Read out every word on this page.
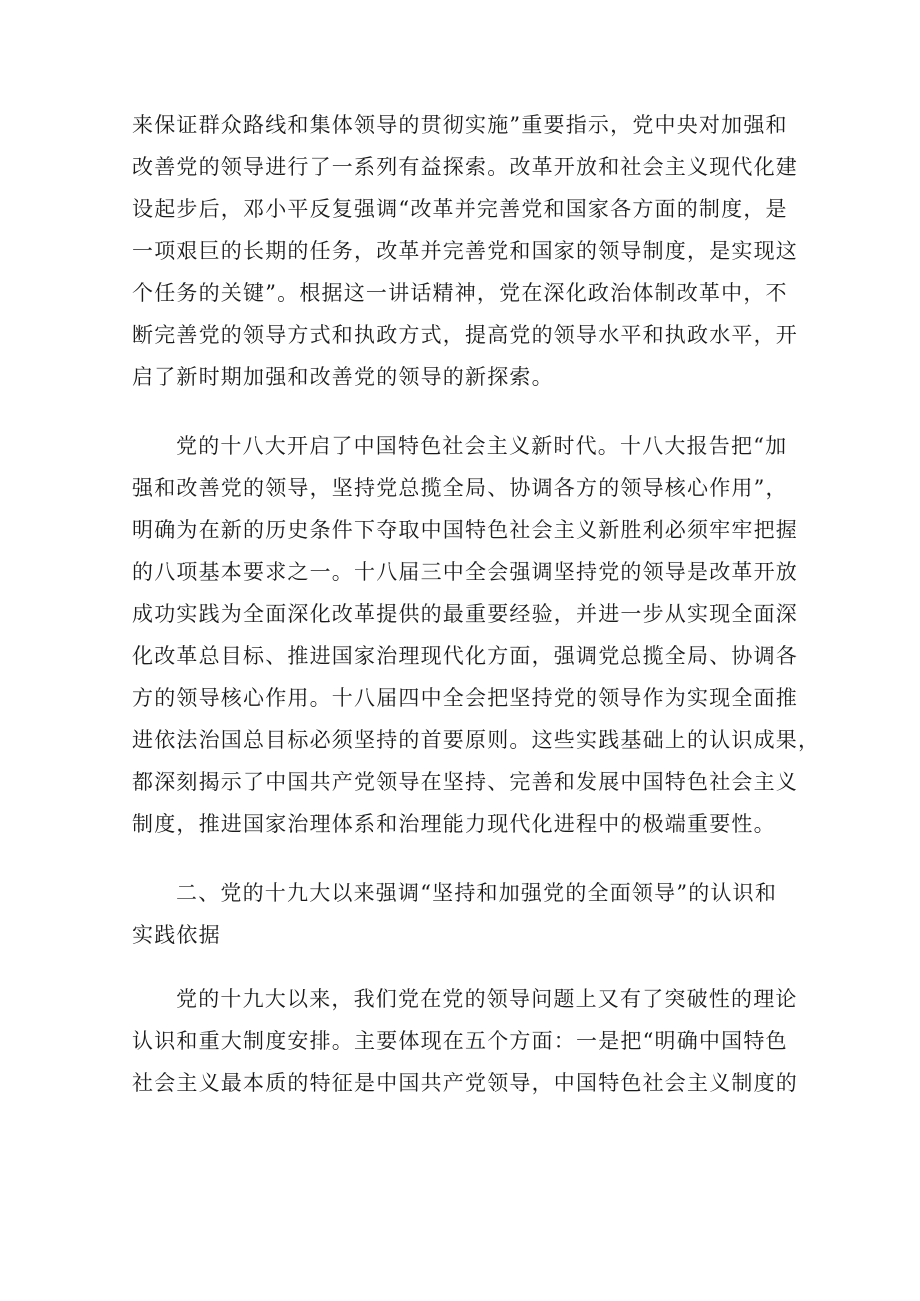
来保证群众路线和集体领导的贯彻实施”重要指示，党中央对加强和
改善党的领导进行了一系列有益探索。改革开放和社会主义现代化建
设起步后，邓小平反复强调“改革并完善党和国家各方面的制度，是
一项艰巨的长期的任务，改革并完善党和国家的领导制度，是实现这
个任务的关键”。根据这一讲话精神，党在深化政治体制改革中，不
断完善党的领导方式和执政方式，提高党的领导水平和执政水平，开
启了新时期加强和改善党的领导的新探索。
党的十八大开启了中国特色社会主义新时代。十八大报告把“加
强和改善党的领导，坚持党总揽全局、协调各方的领导核心作用”，
明确为在新的历史条件下夺取中国特色社会主义新胜利必须牢牢把握
的八项基本要求之一。十八届三中全会强调坚持党的领导是改革开放
成功实践为全面深化改革提供的最重要经验，并进一步从实现全面深
化改革总目标、推进国家治理现代化方面，强调党总揽全局、协调各
方的领导核心作用。十八届四中全会把坚持党的领导作为实现全面推
进依法治国总目标必须坚持的首要原则。这些实践基础上的认识成果，
都深刻揭示了中国共产党领导在坚持、完善和发展中国特色社会主义
制度，推进国家治理体系和治理能力现代化进程中的极端重要性。
二、党的十九大以来强调“坚持和加强党的全面领导”的认识和
实践依据
党的十九大以来，我们党在党的领导问题上又有了突破性的理论
认识和重大制度安排。主要体现在五个方面：一是把“明确中国特色
社会主义最本质的特征是中国共产党领导，中国特色社会主义制度的
